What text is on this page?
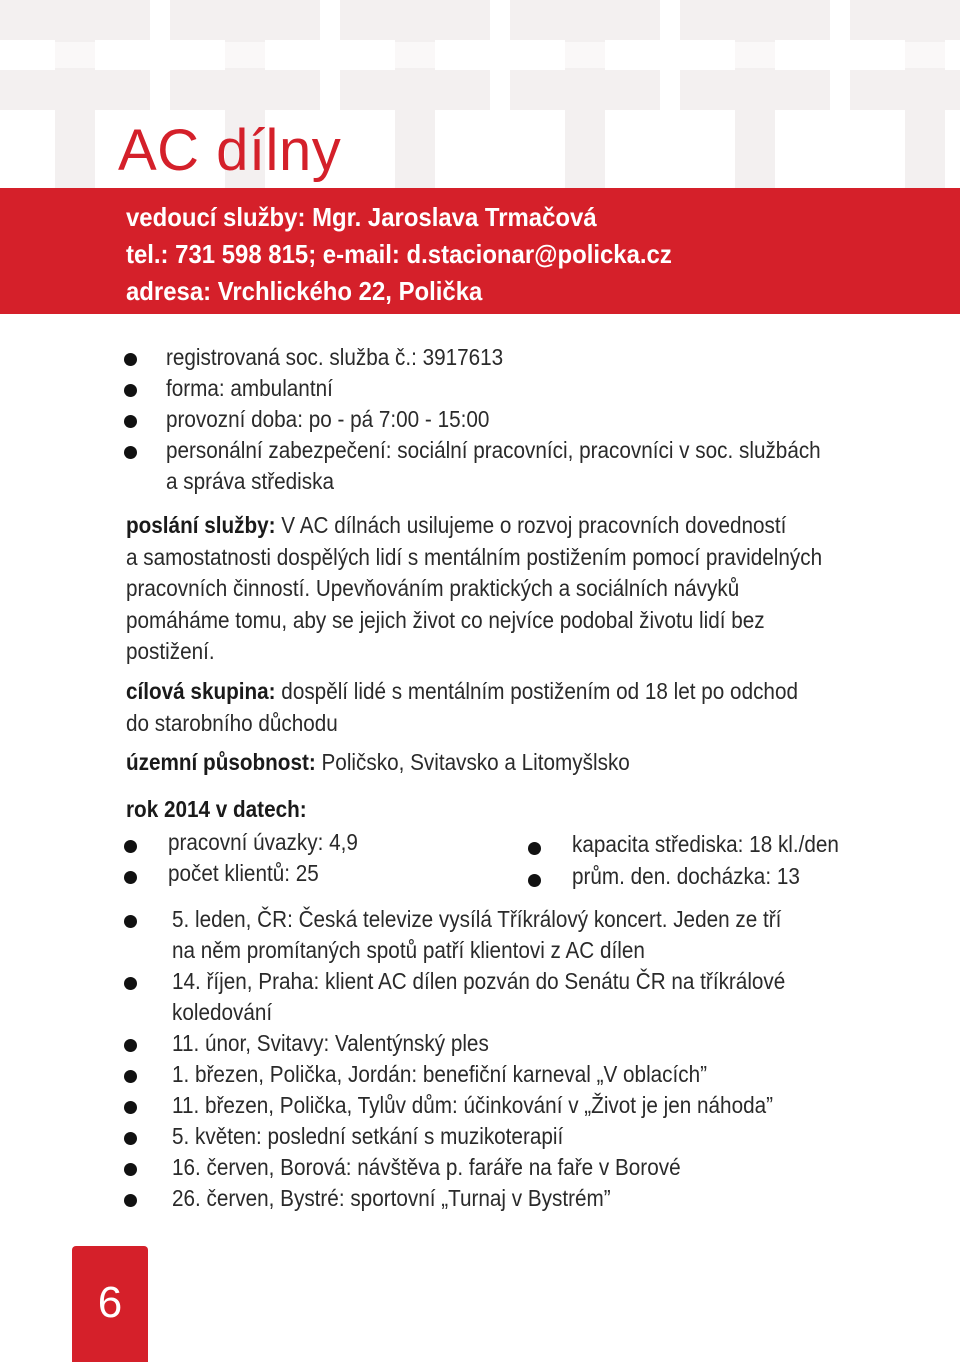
AC dílny
vedoucí služby: Mgr. Jaroslava Trmačová
tel.: 731 598 815; e-mail: d.stacionar@policka.cz
adresa: Vrchlického 22, Polička
registrovaná soc. služba č.: 3917613
forma: ambulantní
provozní doba: po - pá 7:00 - 15:00
personální zabezpečení: sociální pracovníci, pracovníci v soc. službách
a správa střediska
poslání služby: V AC dílnách usilujeme o rozvoj pracovních dovedností
a samostatnosti dospělých lidí s mentálním postižením pomocí pravidelných
pracovních činností. Upevňováním praktických a sociálních návyků
pomáháme tomu, aby se jejich život co nejvíce podobal životu lidí bez
postižení.
cílová skupina: dospělí lidé s mentálním postižením od 18 let po odchod
do starobního důchodu
územní působnost: Poličsko, Svitavsko a Litomyšlsko
rok 2014 v datech:
pracovní úvazky: 4,9
počet klientů: 25
kapacita střediska: 18 kl./den
prům. den. docházka: 13
5. leden, ČR: Česká televize vysílá Tříkrálový koncert. Jeden ze tří
na něm promítaných spotů patří klientovi z AC dílen
14. říjen, Praha: klient AC dílen pozván do Senátu ČR na tříkrálové
koledování
11. únor, Svitavy: Valentýnský ples
1. březen, Polička, Jordán: benefiční karneval „V oblacích”
11. březen, Polička, Tylův dům: účinkování v „Život je jen náhoda”
5. květen: poslední setkání s muzikoterapií
16. červen, Borová: návštěva p. faráře na faře v Borové
26. červen, Bystré: sportovní „Turnaj v Bystrém”
6
